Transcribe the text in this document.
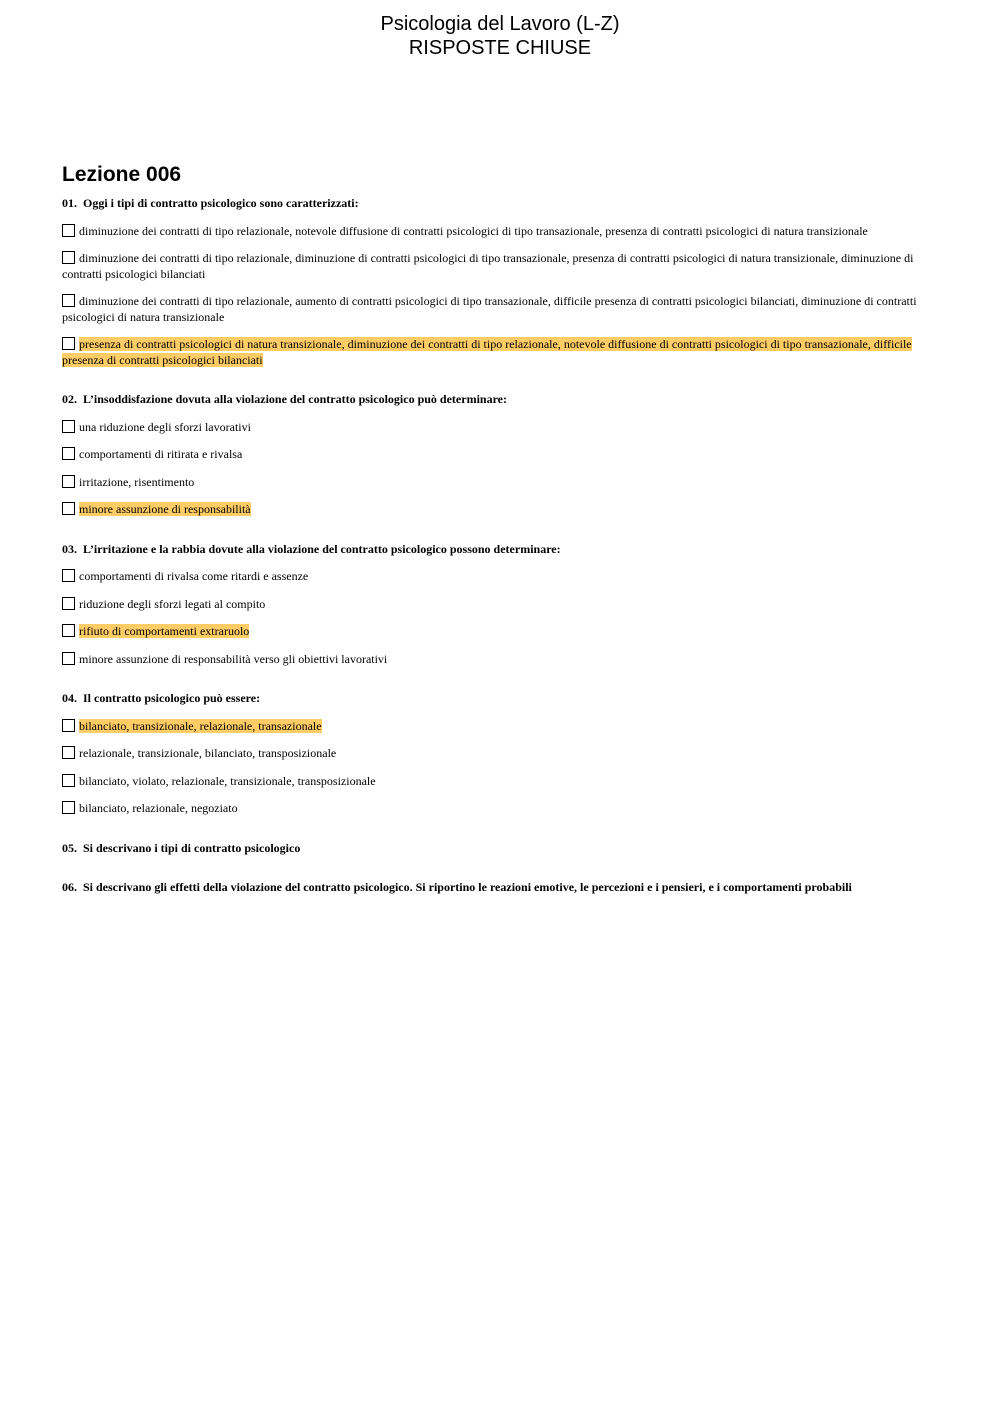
Psicologia del Lavoro (L-Z)
RISPOSTE CHIUSE
Lezione 006

01. Oggi i tipi di contratto psicologico sono caratterizzati:

diminuzione dei contratti di tipo relazionale, notevole diffusione di contratti psicologici di tipo transazionale, presenza di contratti psicologici di natura transizionale

diminuzione dei contratti di tipo relazionale, diminuzione di contratti psicologici di tipo transazionale, presenza di contratti psicologici di natura transizionale, diminuzione di contratti psicologici bilanciati

diminuzione dei contratti di tipo relazionale, aumento di contratti psicologici di tipo transazionale, difficile presenza di contratti psicologici bilanciati, diminuzione di contratti psicologici di natura transizionale

presenza di contratti psicologici di natura transizionale, diminuzione dei contratti di tipo relazionale, notevole diffusione di contratti psicologici di tipo transazionale, difficile presenza di contratti psicologici bilanciati

02. L’insoddisfazione dovuta alla violazione del contratto psicologico può determinare:

una riduzione degli sforzi lavorativi

comportamenti di ritirata e rivalsa

irritazione, risentimento

minore assunzione di responsabilità

03. L’irritazione e la rabbia dovute alla violazione del contratto psicologico possono determinare:

comportamenti di rivalsa come ritardi e assenze

riduzione degli sforzi legati al compito

rifiuto di comportamenti extraruolo

minore assunzione di responsabilità verso gli obiettivi lavorativi

04. Il contratto psicologico può essere:

bilanciato, transizionale, relazionale, transazionale

relazionale, transizionale, bilanciato, transposizionale

bilanciato, violato, relazionale, transizionale, transposizionale

bilanciato, relazionale, negoziato

05. Si descrivano i tipi di contratto psicologico

06. Si descrivano gli effetti della violazione del contratto psicologico. Si riportino le reazioni emotive, le percezioni e i pensieri, e i comportamenti probabili
